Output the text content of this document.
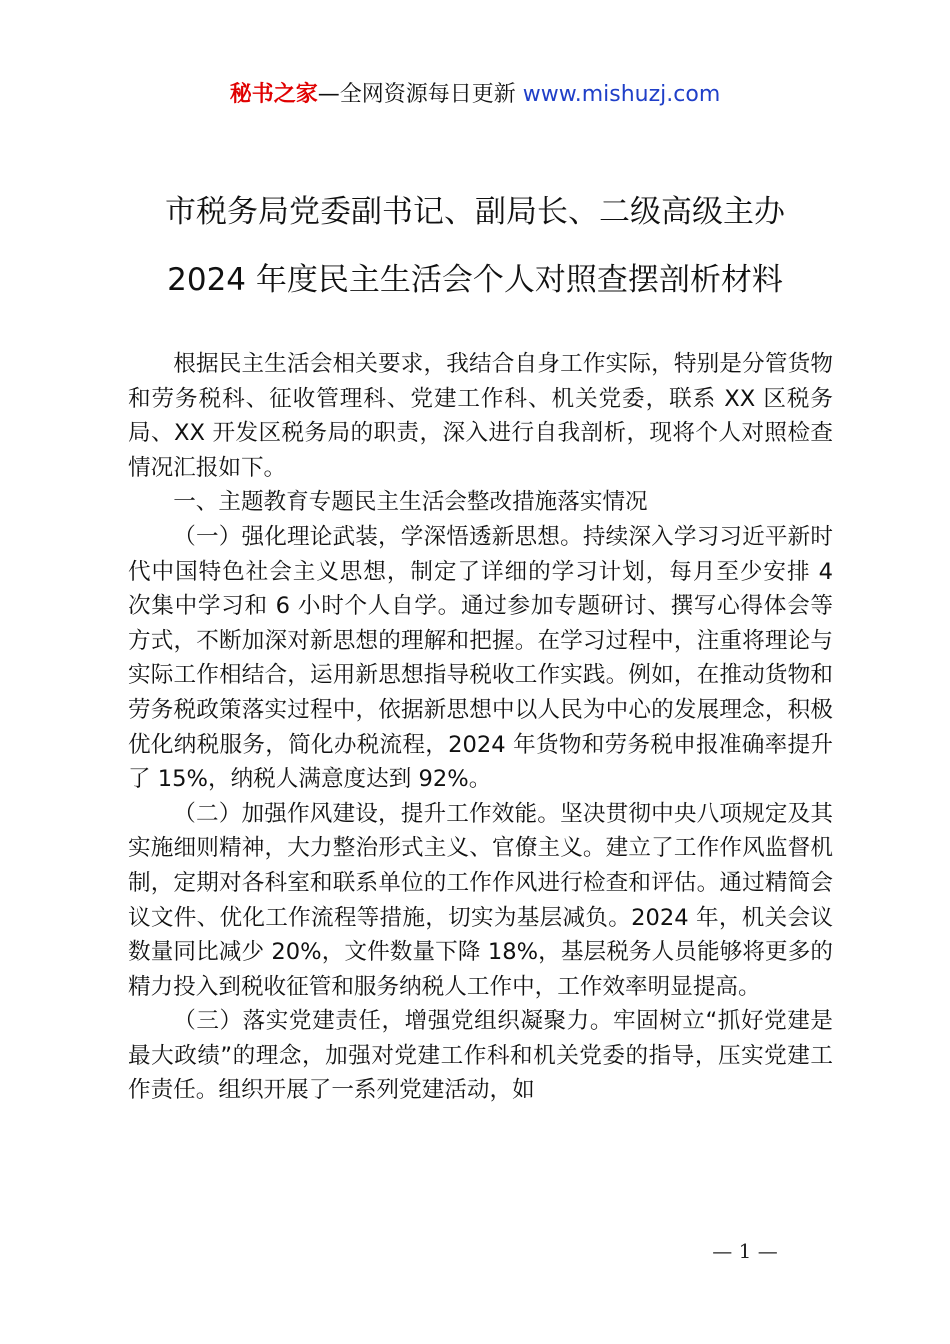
秘书之家—全网资源每日更新 www.mishuzj.com
市税务局党委副书记、副局长、二级高级主办
2024 年度民主生活会个人对照查摆剖析材料

根据民主生活会相关要求，我结合自身工作实际，特别是分管货物和劳务税科、征收管理科、党建工作科、机关党委，联系 XX 区税务局、XX 开发区税务局的职责，深入进行自我剖析，现将个人对照检查情况汇报如下。

一、主题教育专题民主生活会整改措施落实情况

（一）强化理论武装，学深悟透新思想。持续深入学习习近平新时代中国特色社会主义思想，制定了详细的学习计划，每月至少安排 4 次集中学习和 6 小时个人自学。通过参加专题研讨、撰写心得体会等方式，不断加深对新思想的理解和把握。在学习过程中，注重将理论与实际工作相结合，运用新思想指导税收工作实践。例如，在推动货物和劳务税政策落实过程中，依据新思想中以人民为中心的发展理念，积极优化纳税服务，简化办税流程，2024 年货物和劳务税申报准确率提升了 15%，纳税人满意度达到 92%。

（二）加强作风建设，提升工作效能。坚决贯彻中央八项规定及其实施细则精神，大力整治形式主义、官僚主义。建立了工作作风监督机制，定期对各科室和联系单位的工作作风进行检查和评估。通过精简会议文件、优化工作流程等措施，切实为基层减负。2024 年，机关会议数量同比减少 20%，文件数量下降 18%，基层税务人员能够将更多的精力投入到税收征管和服务纳税人工作中，工作效率明显提高。

（三）落实党建责任，增强党组织凝聚力。牢固树立“抓好党建是最大政绩”的理念，加强对党建工作科和机关党委的指导，压实党建工作责任。组织开展了一系列党建活动，如

— 1 —
